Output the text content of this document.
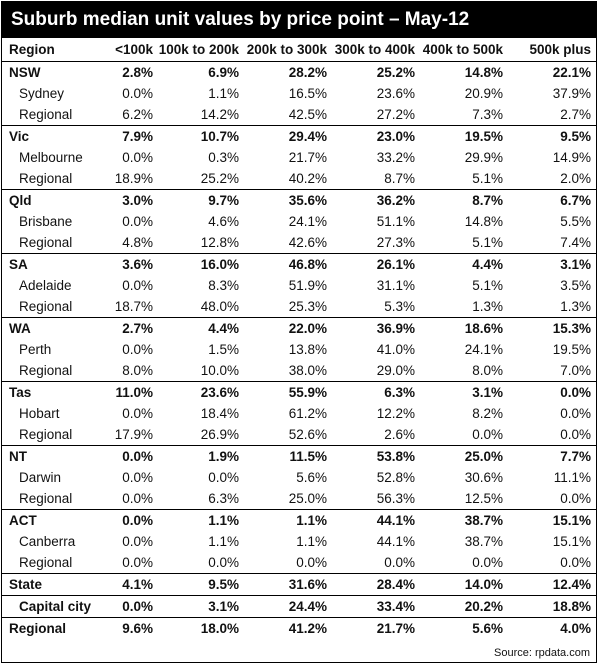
Suburb median unit values by price point – May-12
Region	<100k	100k to 200k	200k to 300k	300k to 400k	400k to 500k	500k plus
NSW	2.8%	6.9%	28.2%	25.2%	14.8%	22.1%
Sydney	0.0%	1.1%	16.5%	23.6%	20.9%	37.9%
Regional	6.2%	14.2%	42.5%	27.2%	7.3%	2.7%
Vic	7.9%	10.7%	29.4%	23.0%	19.5%	9.5%
Melbourne	0.0%	0.3%	21.7%	33.2%	29.9%	14.9%
Regional	18.9%	25.2%	40.2%	8.7%	5.1%	2.0%
Qld	3.0%	9.7%	35.6%	36.2%	8.7%	6.7%
Brisbane	0.0%	4.6%	24.1%	51.1%	14.8%	5.5%
Regional	4.8%	12.8%	42.6%	27.3%	5.1%	7.4%
SA	3.6%	16.0%	46.8%	26.1%	4.4%	3.1%
Adelaide	0.0%	8.3%	51.9%	31.1%	5.1%	3.5%
Regional	18.7%	48.0%	25.3%	5.3%	1.3%	1.3%
WA	2.7%	4.4%	22.0%	36.9%	18.6%	15.3%
Perth	0.0%	1.5%	13.8%	41.0%	24.1%	19.5%
Regional	8.0%	10.0%	38.0%	29.0%	8.0%	7.0%
Tas	11.0%	23.6%	55.9%	6.3%	3.1%	0.0%
Hobart	0.0%	18.4%	61.2%	12.2%	8.2%	0.0%
Regional	17.9%	26.9%	52.6%	2.6%	0.0%	0.0%
NT	0.0%	1.9%	11.5%	53.8%	25.0%	7.7%
Darwin	0.0%	0.0%	5.6%	52.8%	30.6%	11.1%
Regional	0.0%	6.3%	25.0%	56.3%	12.5%	0.0%
ACT	0.0%	1.1%	1.1%	44.1%	38.7%	15.1%
Canberra	0.0%	1.1%	1.1%	44.1%	38.7%	15.1%
Regional	0.0%	0.0%	0.0%	0.0%	0.0%	0.0%
State	4.1%	9.5%	31.6%	28.4%	14.0%	12.4%
Capital city	0.0%	3.1%	24.4%	33.4%	20.2%	18.8%
Regional	9.6%	18.0%	41.2%	21.7%	5.6%	4.0%
Source: rpdata.com
